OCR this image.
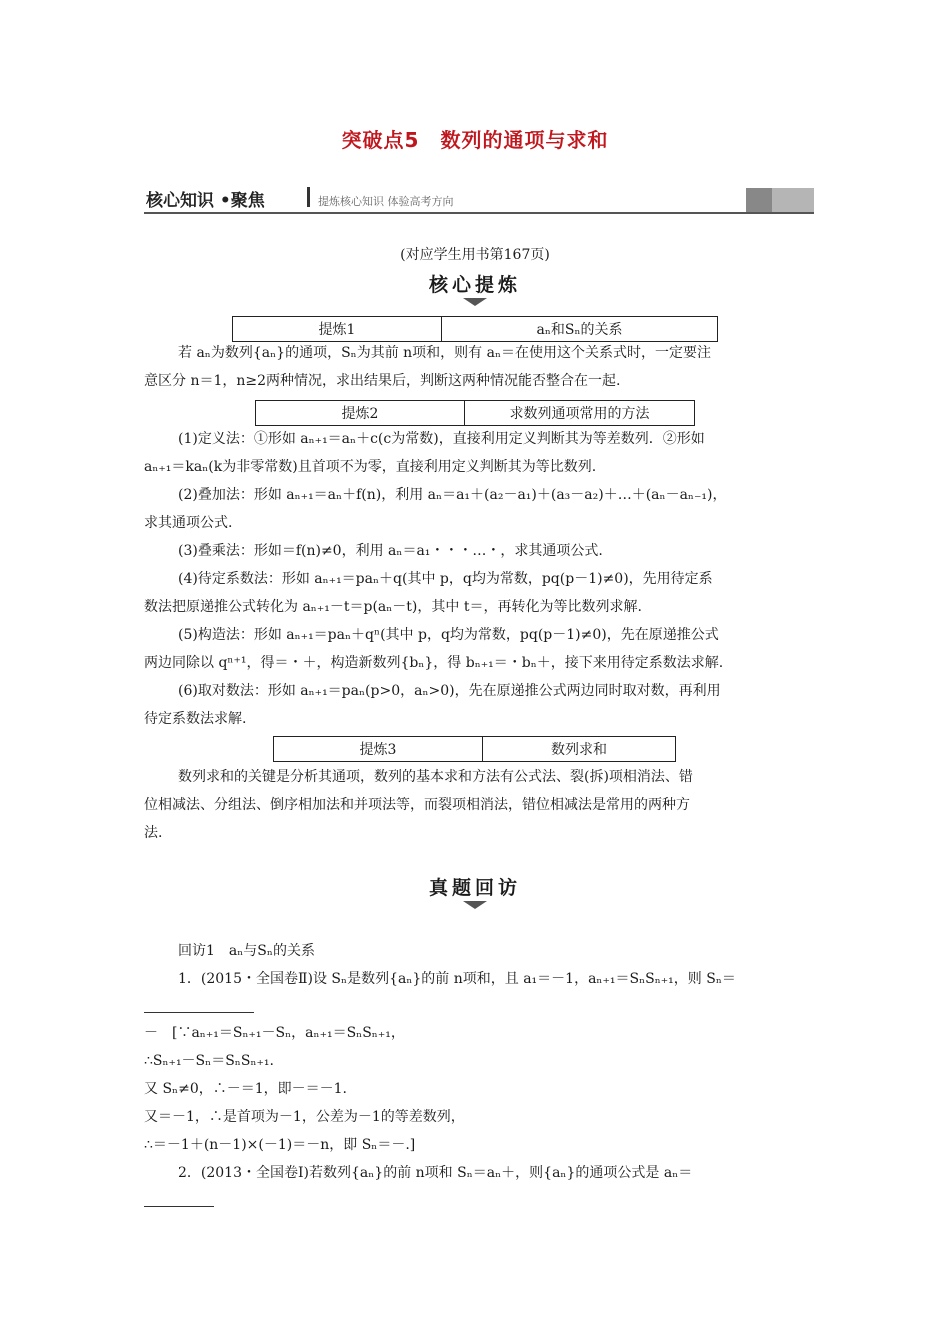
突破点5　数列的通项与求和
核心知识 •聚焦	提炼核心知识 体验高考方向
(对应学生用书第167页)
核心提炼
提炼1	aₙ和Sₙ的关系
若 aₙ为数列{aₙ}的通项，Sₙ为其前 n项和，则有 aₙ＝在使用这个关系式时，一定要注
意区分 n＝1，n≥2两种情况，求出结果后，判断这两种情况能否整合在一起.
提炼2	求数列通项常用的方法
(1)定义法：①形如 aₙ₊₁＝aₙ＋c(c为常数)，直接利用定义判断其为等差数列．②形如
aₙ₊₁＝kaₙ(k为非零常数)且首项不为零，直接利用定义判断其为等比数列.
(2)叠加法：形如 aₙ₊₁＝aₙ＋f(n)，利用 aₙ＝a₁＋(a₂－a₁)＋(a₃－a₂)＋…＋(aₙ－aₙ₋₁)，
求其通项公式.
(3)叠乘法：形如＝f(n)≠0，利用 aₙ＝a₁・・・…・，求其通项公式.
(4)待定系数法：形如 aₙ₊₁＝paₙ＋q(其中 p，q均为常数，pq(p－1)≠0)，先用待定系
数法把原递推公式转化为 aₙ₊₁－t＝p(aₙ－t)，其中 t＝，再转化为等比数列求解.
(5)构造法：形如 aₙ₊₁＝paₙ＋qⁿ(其中 p，q均为常数，pq(p－1)≠0)，先在原递推公式
两边同除以 qⁿ⁺¹，得＝・＋，构造新数列{bₙ}，得 bₙ₊₁＝・bₙ＋，接下来用待定系数法求解.
(6)取对数法：形如 aₙ₊₁＝paₙ(p>0，aₙ>0)，先在原递推公式两边同时取对数，再利用
待定系数法求解.
提炼3	数列求和
数列求和的关键是分析其通项，数列的基本求和方法有公式法、裂(拆)项相消法、错
位相减法、分组法、倒序相加法和并项法等，而裂项相消法，错位相减法是常用的两种方
法.
真题回访
回访1　aₙ与Sₙ的关系
1．(2015・全国卷Ⅱ)设 Sₙ是数列{aₙ}的前 n项和，且 a₁＝－1，aₙ₊₁＝SₙSₙ₊₁，则 Sₙ＝
－　[∵aₙ₊₁＝Sₙ₊₁－Sₙ，aₙ₊₁＝SₙSₙ₊₁，
∴Sₙ₊₁－Sₙ＝SₙSₙ₊₁.
又 Sₙ≠0，∴－＝1，即－＝－1.
又＝－1，∴是首项为－1，公差为－1的等差数列，
∴＝－1＋(n－1)×(－1)＝－n，即 Sₙ＝－.]
2．(2013・全国卷Ⅰ)若数列{aₙ}的前 n项和 Sₙ＝aₙ＋，则{aₙ}的通项公式是 aₙ＝
